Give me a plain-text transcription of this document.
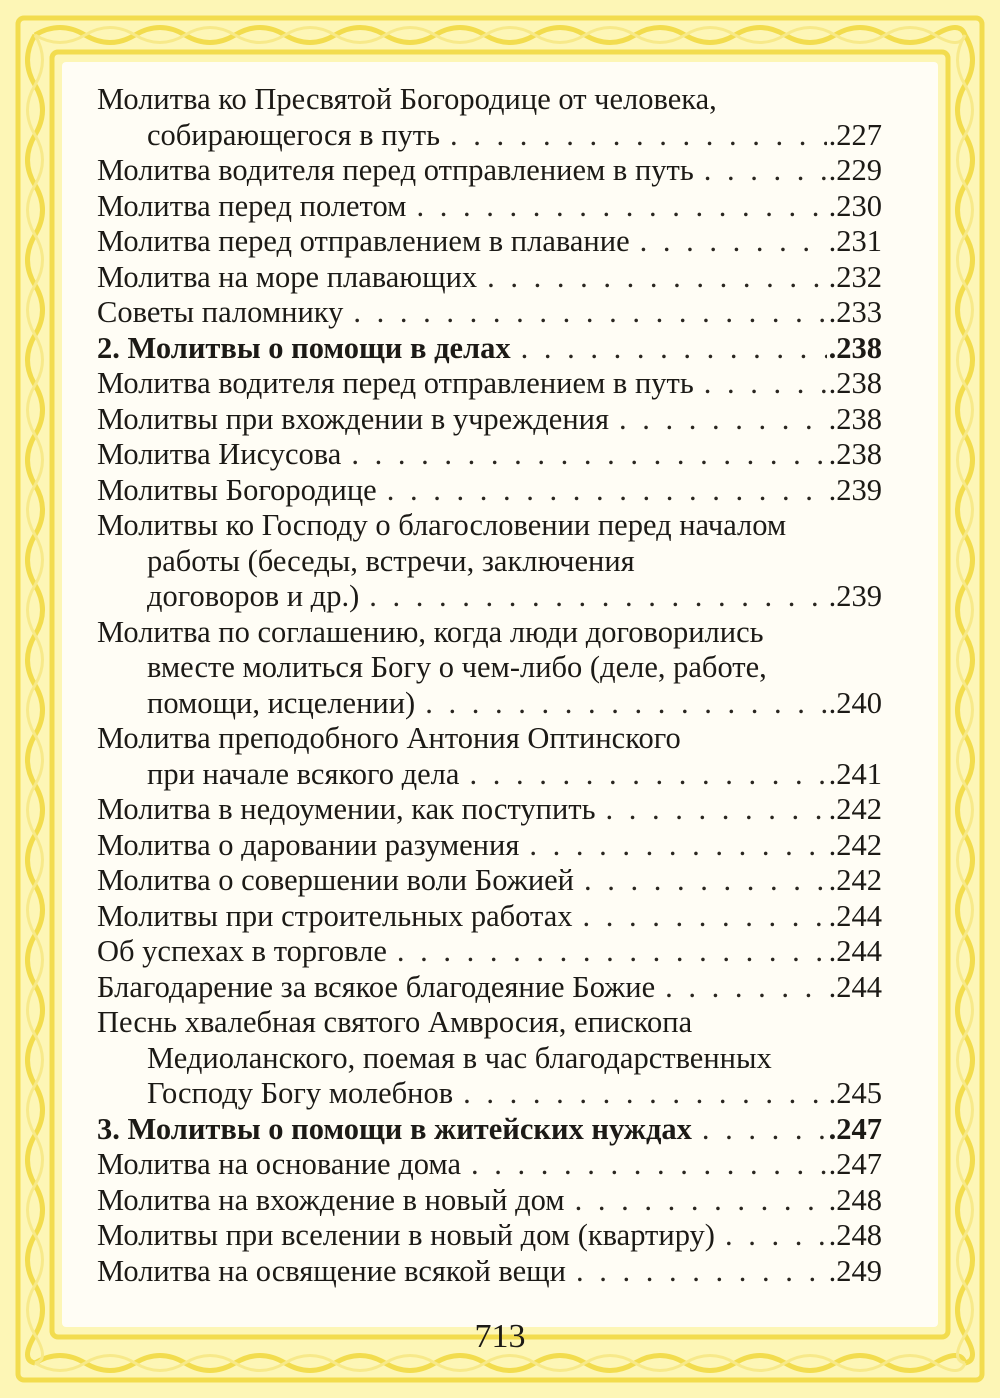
Молитва ко Пресвятой Богородице от человека,
собирающегося в путь . . .	.227
Молитва водителя перед отправлением в путь . . .	.229
Молитва перед полетом . . .	.230
Молитва перед отправлением в плавание . . .	.231
Молитва на море плавающих . . .	.232
Советы паломнику . . .	.233
2. Молитвы о помощи в делах . . .	.238
Молитва водителя перед отправлением в путь . . .	.238
Молитвы при вхождении в учреждения . . .	.238
Молитва Иисусова . . .	.238
Молитвы Богородице . . .	.239
Молитвы ко Господу о благословении перед началом
работы (беседы, встречи, заключения
договоров и др.) . . .	.239
Молитва по соглашению, когда люди договорились
вместе молиться Богу о чем-либо (деле, работе,
помощи, исцелении) . . .	.240
Молитва преподобного Антония Оптинского
при начале всякого дела . . .	.241
Молитва в недоумении, как поступить . . .	.242
Молитва о даровании разумения . . .	.242
Молитва о совершении воли Божией . . .	.242
Молитвы при строительных работах . . .	.244
Об успехах в торговле . . .	.244
Благодарение за всякое благодеяние Божие . . .	.244
Песнь хвалебная святого Амвросия, епископа
Медиоланского, поемая в час благодарственных
Господу Богу молебнов . . .	.245
3. Молитвы о помощи в житейских нуждах . . .	.247
Молитва на основание дома . . .	.247
Молитва на вхождение в новый дом . . .	.248
Молитвы при вселении в новый дом (квартиру) . . .	.248
Молитва на освящение всякой вещи . . .	.249
713
